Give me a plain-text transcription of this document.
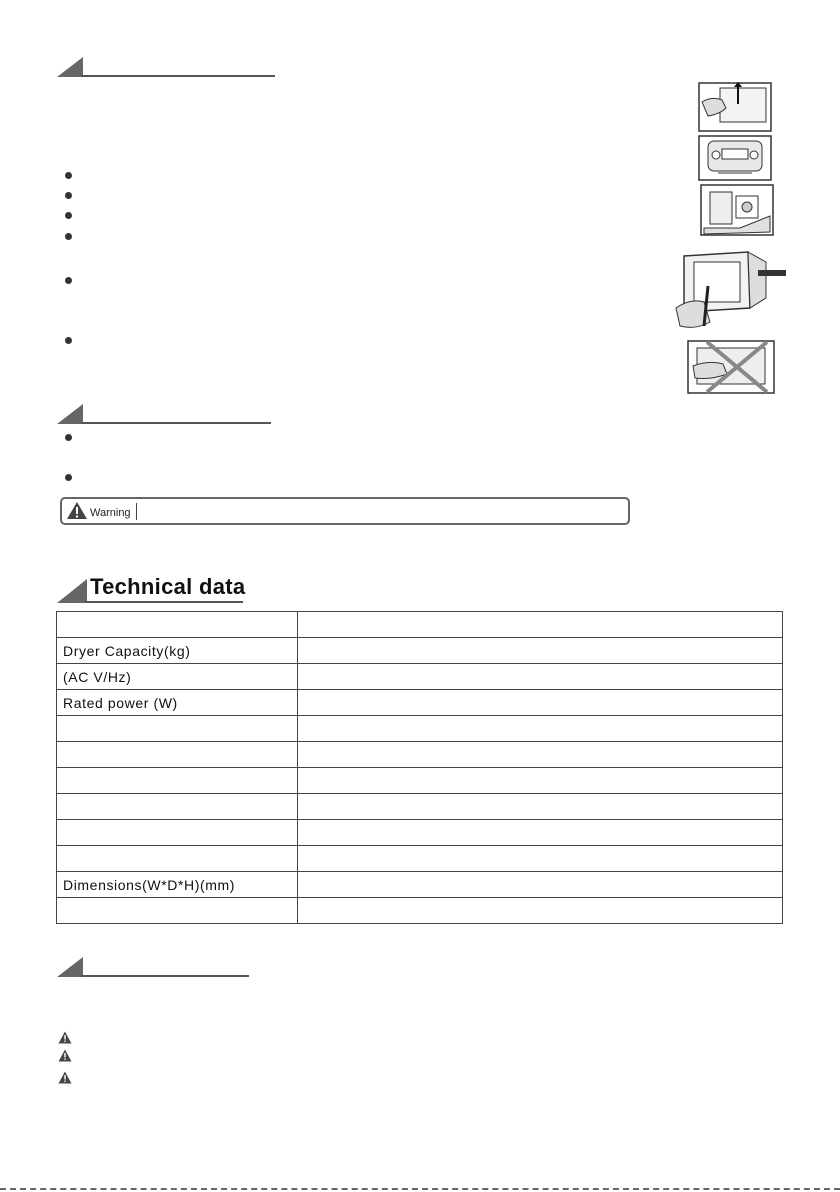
Warning
Technical data

Dryer Capacity(kg)	
(AC V/Hz)	
Rated power (W)	

Dimensions(W*D*H)(mm)	
